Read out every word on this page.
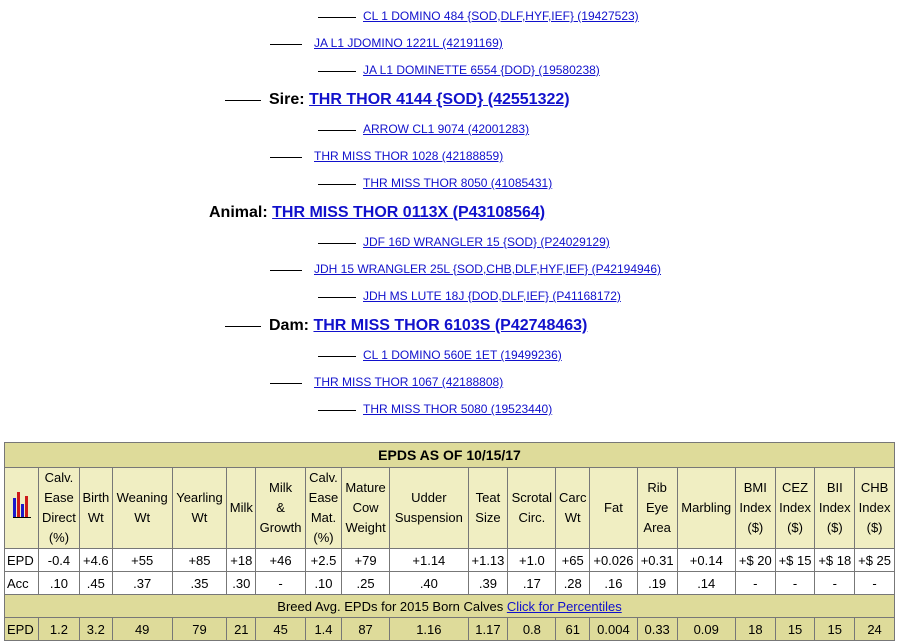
CL 1 DOMINO 484 {SOD,DLF,HYF,IEF} (19427523)
JA L1 JDOMINO 1221L (42191169)
JA L1 DOMINETTE 6554 {DOD} (19580238)
Sire: THR THOR 4144 {SOD} (42551322)
ARROW CL1 9074 (42001283)
THR MISS THOR 1028 (42188859)
THR MISS THOR 8050 (41085431)
Animal: THR MISS THOR 0113X (P43108564)
JDF 16D WRANGLER 15 {SOD} (P24029129)
JDH 15 WRANGLER 25L {SOD,CHB,DLF,HYF,IEF} (P42194946)
JDH MS LUTE 18J {DOD,DLF,IEF} (P41168172)
Dam: THR MISS THOR 6103S (P42748463)
CL 1 DOMINO 560E 1ET (19499236)
THR MISS THOR 1067 (42188808)
THR MISS THOR 5080 (19523440)
EPDS AS OF 10/15/17																			

	Calv.
Ease
Direct
(%)	Birth
Wt	Weaning
Wt	Yearling
Wt	Milk	Milk
&
Growth	Calv.
Ease
Mat.
(%)	Mature
Cow
Weight	Udder
Suspension	Teat
Size	Scrotal
Circ.	Carc
Wt	Fat	Rib
Eye
Area	Marbling	BMI
Index
($)	CEZ
Index
($)	BII
Index
($)	CHB
Index
($)
EPD	-0.4	+4.6	+55	+85	+18	+46	+2.5	+79	+1.14	+1.13	+1.0	+65	+0.026	+0.31	+0.14	+$ 20	+$ 15	+$ 18	+$ 25
Acc	.10	.45	.37	.35	.30	-	.10	.25	.40	.39	.17	.28	.16	.19	.14	-	-	-	-
Breed Avg. EPDs for 2015 Born Calves Click for Percentiles																			
EPD	1.2	3.2	49	79	21	45	1.4	87	1.16	1.17	0.8	61	0.004	0.33	0.09	18	15	15	24
